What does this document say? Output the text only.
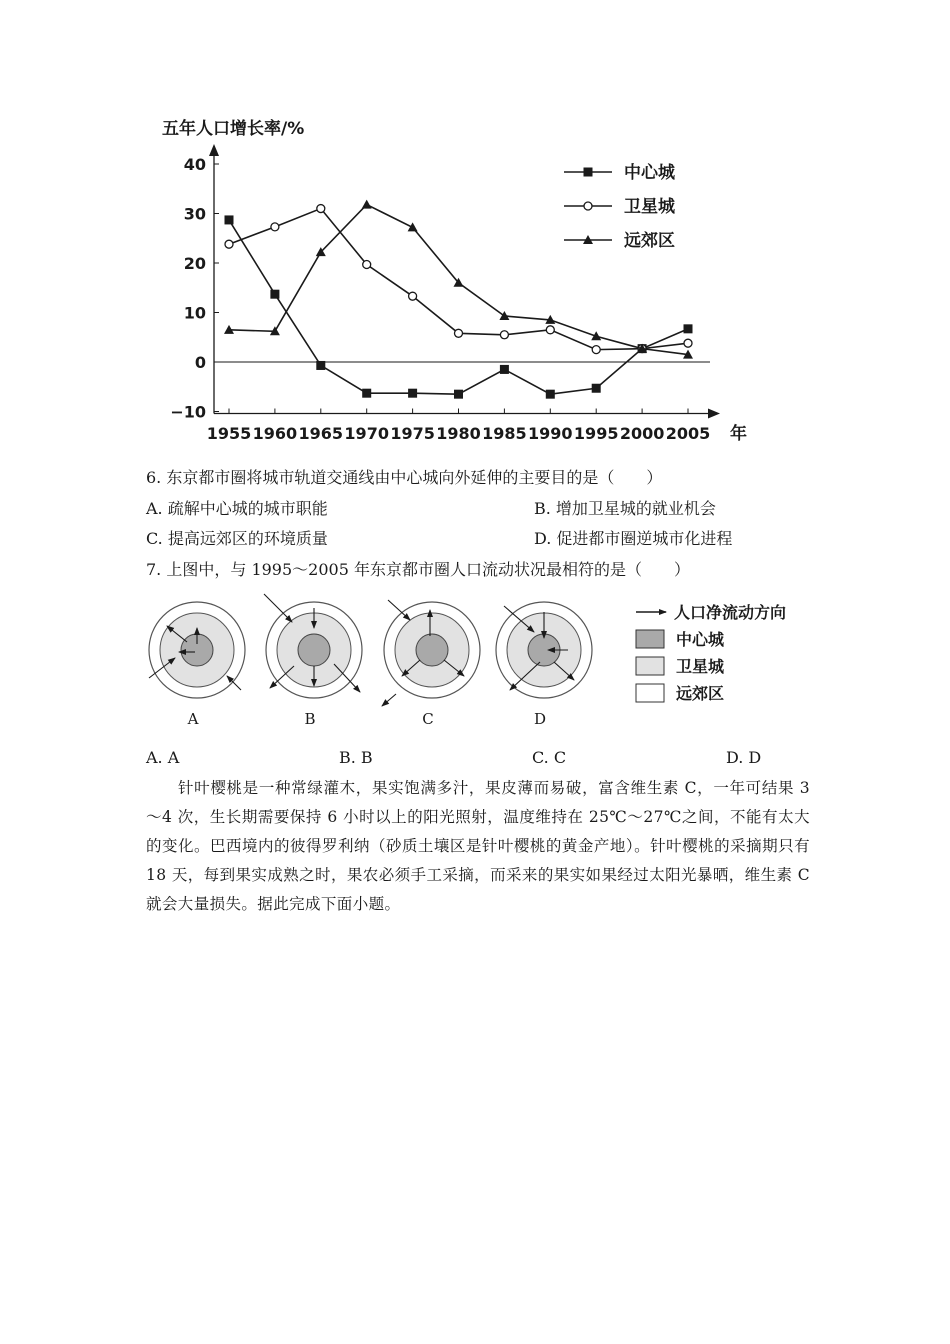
五年人口增长率/%
40
30
20
10
0
−10
1955 1960 1965 1970 1975 1980 1985 1990 1995 2000 2005 年
中心城
卫星城
远郊区
6. 东京都市圈将城市轨道交通线由中心城向外延伸的主要目的是（　　）
A. 疏解中心城的城市职能	B. 增加卫星城的就业机会
C. 提高远郊区的环境质量	D. 促进都市圈逆城市化进程
7. 上图中，与 1995～2005 年东京都市圈人口流动状况最相符的是（　　）
A	B	C	D
人口净流动方向
中心城
卫星城
远郊区
A. A	B. B	C. C	D. D
针叶樱桃是一种常绿灌木，果实饱满多汁，果皮薄而易破，富含维生素 C，一年可结果 3～4 次，生长期需要保持 6 小时以上的阳光照射，温度维持在 25℃～27℃之间，不能有太大的变化。巴西境内的彼得罗利纳（砂质土壤区是针叶樱桃的黄金产地）。针叶樱桃的采摘期只有 18 天，每到果实成熟之时，果农必须手工采摘，而采来的果实如果经过太阳光暴晒，维生素 C 就会大量损失。据此完成下面小题。
